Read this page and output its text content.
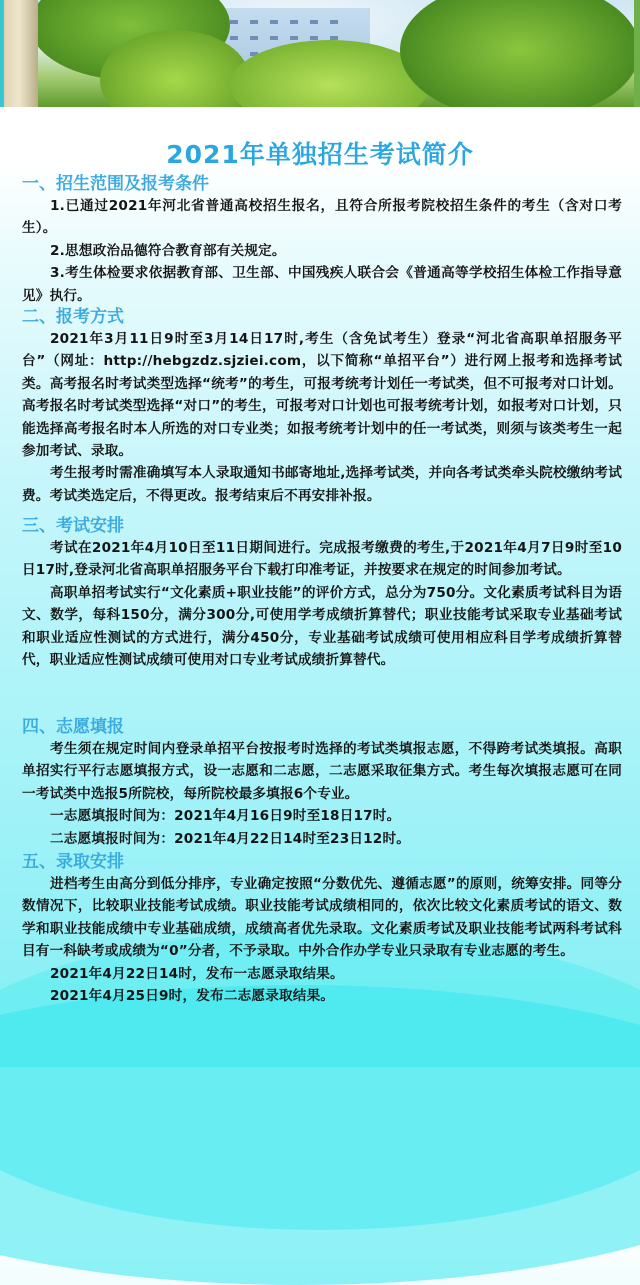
2021年单独招生考试简介
一、招生范围及报考条件

1.已通过2021年河北省普通高校招生报名，且符合所报考院校招生条件的考生（含对口考生）。

2.思想政治品德符合教育部有关规定。

3.考生体检要求依据教育部、卫生部、中国残疾人联合会《普通高等学校招生体检工作指导意见》执行。

二、报考方式

2021年3月11日9时至3月14日17时,考生（含免试考生）登录“河北省高职单招服务平台”（网址：http://hebgzdz.sjziei.com，以下简称“单招平台”）进行网上报考和选择考试类。高考报名时考试类型选择“统考”的考生，可报考统考计划任一考试类，但不可报考对口计划。高考报名时考试类型选择“对口”的考生，可报考对口计划也可报考统考计划，如报考对口计划，只能选择高考报名时本人所选的对口专业类；如报考统考计划中的任一考试类，则须与该类考生一起参加考试、录取。

考生报考时需准确填写本人录取通知书邮寄地址,选择考试类，并向各考试类牵头院校缴纳考试费。考试类选定后，不得更改。报考结束后不再安排补报。

三、考试安排

考试在2021年4月10日至11日期间进行。完成报考缴费的考生,于2021年4月7日9时至10日17时,登录河北省高职单招服务平台下载打印准考证，并按要求在规定的时间参加考试。

高职单招考试实行“文化素质+职业技能”的评价方式，总分为750分。文化素质考试科目为语文、数学，每科150分，满分300分,可使用学考成绩折算替代；职业技能考试采取专业基础考试和职业适应性测试的方式进行，满分450分，专业基础考试成绩可使用相应科目学考成绩折算替代，职业适应性测试成绩可使用对口专业考试成绩折算替代。

四、志愿填报

考生须在规定时间内登录单招平台按报考时选择的考试类填报志愿，不得跨考试类填报。高职单招实行平行志愿填报方式，设一志愿和二志愿，二志愿采取征集方式。考生每次填报志愿可在同一考试类中选报5所院校，每所院校最多填报6个专业。

一志愿填报时间为：2021年4月16日9时至18日17时。

二志愿填报时间为：2021年4月22日14时至23日12时。

五、录取安排

进档考生由高分到低分排序，专业确定按照“分数优先、遵循志愿”的原则，统筹安排。同等分数情况下，比较职业技能考试成绩。职业技能考试成绩相同的，依次比较文化素质考试的语文、数学和职业技能成绩中专业基础成绩，成绩高者优先录取。文化素质考试及职业技能考试两科考试科目有一科缺考或成绩为“0”分者，不予录取。中外合作办学专业只录取有专业志愿的考生。

2021年4月22日14时，发布一志愿录取结果。

2021年4月25日9时，发布二志愿录取结果。
